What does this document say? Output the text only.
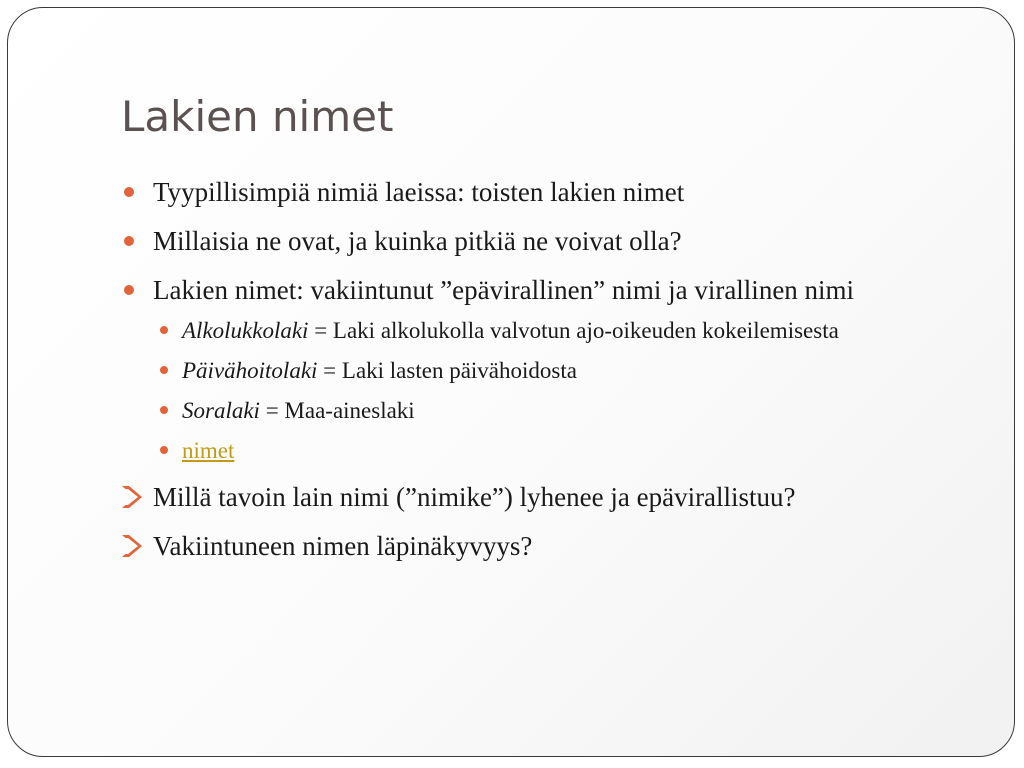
Lakien nimet
Tyypillisimpiä nimiä laeissa: toisten lakien nimet
Millaisia ne ovat, ja kuinka pitkiä ne voivat olla?
Lakien nimet: vakiintunut ”epävirallinen” nimi ja virallinen nimi
Alkolukkolaki = Laki alkolukolla valvotun ajo-oikeuden kokeilemisesta
Päivähoitolaki = Laki lasten päivähoidosta
Soralaki = Maa-aineslaki
nimet
Millä tavoin lain nimi (”nimike”) lyhenee ja epävirallistuu?
Vakiintuneen nimen läpinäkyvyys?
